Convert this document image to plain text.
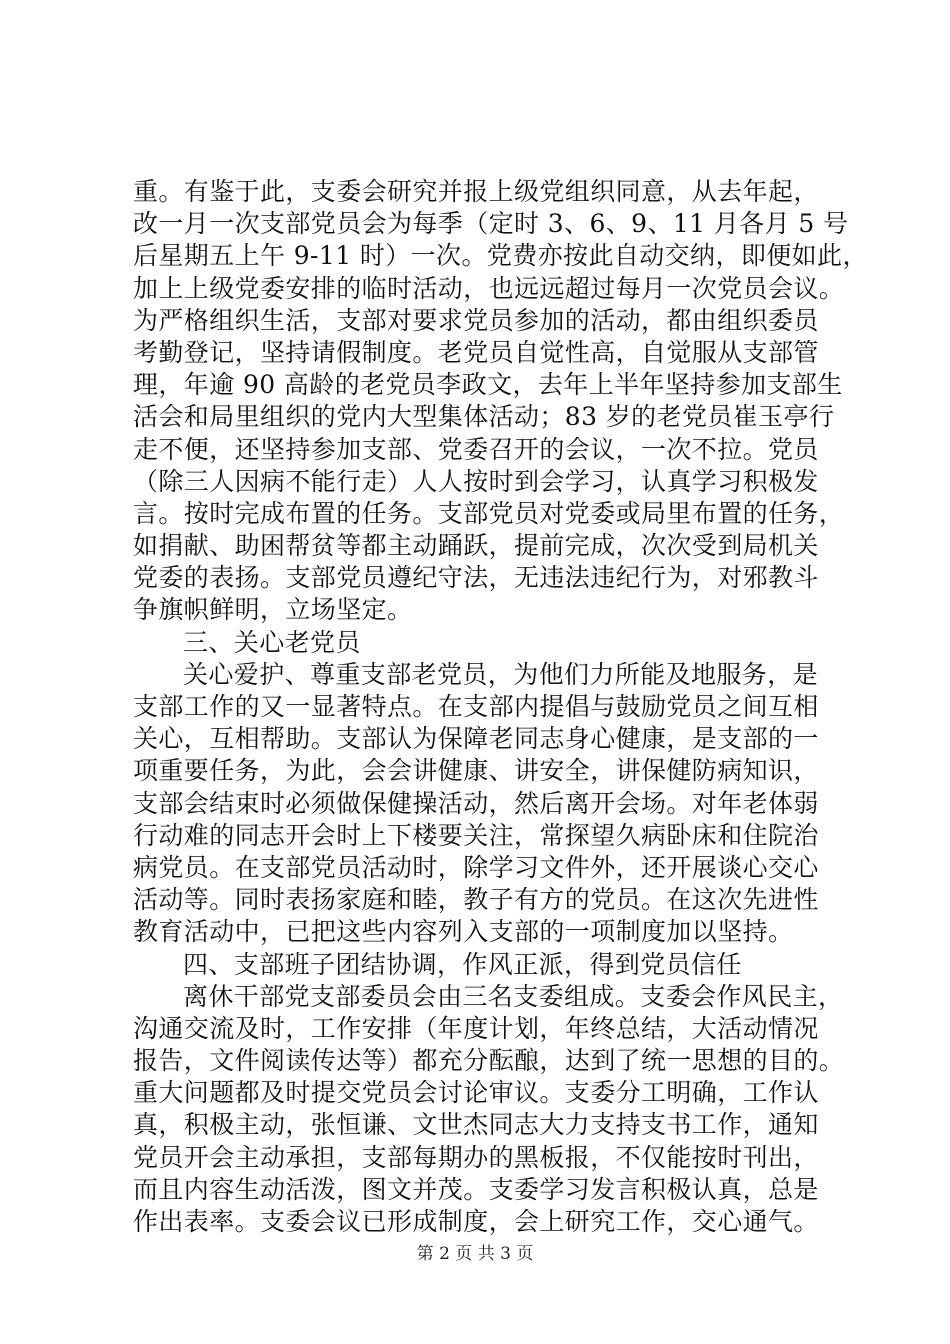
重。有鉴于此，支委会研究并报上级党组织同意，从去年起，
改一月一次支部党员会为每季（定时 3、6、9、11 月各月 5 号
后星期五上午 9-11 时）一次。党费亦按此自动交纳，即便如此，
加上上级党委安排的临时活动，也远远超过每月一次党员会议。
为严格组织生活，支部对要求党员参加的活动，都由组织委员
考勤登记，坚持请假制度。老党员自觉性高，自觉服从支部管
理，年逾 90 高龄的老党员李政文，去年上半年坚持参加支部生
活会和局里组织的党内大型集体活动；83 岁的老党员崔玉亭行
走不便，还坚持参加支部、党委召开的会议，一次不拉。党员
（除三人因病不能行走）人人按时到会学习，认真学习积极发
言。按时完成布置的任务。支部党员对党委或局里布置的任务，
如捐献、助困帮贫等都主动踊跃，提前完成，次次受到局机关
党委的表扬。支部党员遵纪守法，无违法违纪行为，对邪教斗
争旗帜鲜明，立场坚定。
三、关心老党员
关心爱护、尊重支部老党员，为他们力所能及地服务，是
支部工作的又一显著特点。在支部内提倡与鼓励党员之间互相
关心，互相帮助。支部认为保障老同志身心健康，是支部的一
项重要任务，为此，会会讲健康、讲安全，讲保健防病知识，
支部会结束时必须做保健操活动，然后离开会场。对年老体弱
行动难的同志开会时上下楼要关注，常探望久病卧床和住院治
病党员。在支部党员活动时，除学习文件外，还开展谈心交心
活动等。同时表扬家庭和睦，教子有方的党员。在这次先进性
教育活动中，已把这些内容列入支部的一项制度加以坚持。
四、支部班子团结协调，作风正派，得到党员信任
离休干部党支部委员会由三名支委组成。支委会作风民主，
沟通交流及时，工作安排（年度计划，年终总结，大活动情况
报告，文件阅读传达等）都充分酝酿，达到了统一思想的目的。
重大问题都及时提交党员会讨论审议。支委分工明确，工作认
真，积极主动，张恒谦、文世杰同志大力支持支书工作，通知
党员开会主动承担，支部每期办的黑板报，不仅能按时刊出，
而且内容生动活泼，图文并茂。支委学习发言积极认真，总是
作出表率。支委会议已形成制度，会上研究工作，交心通气。
第 2 页 共 3 页
